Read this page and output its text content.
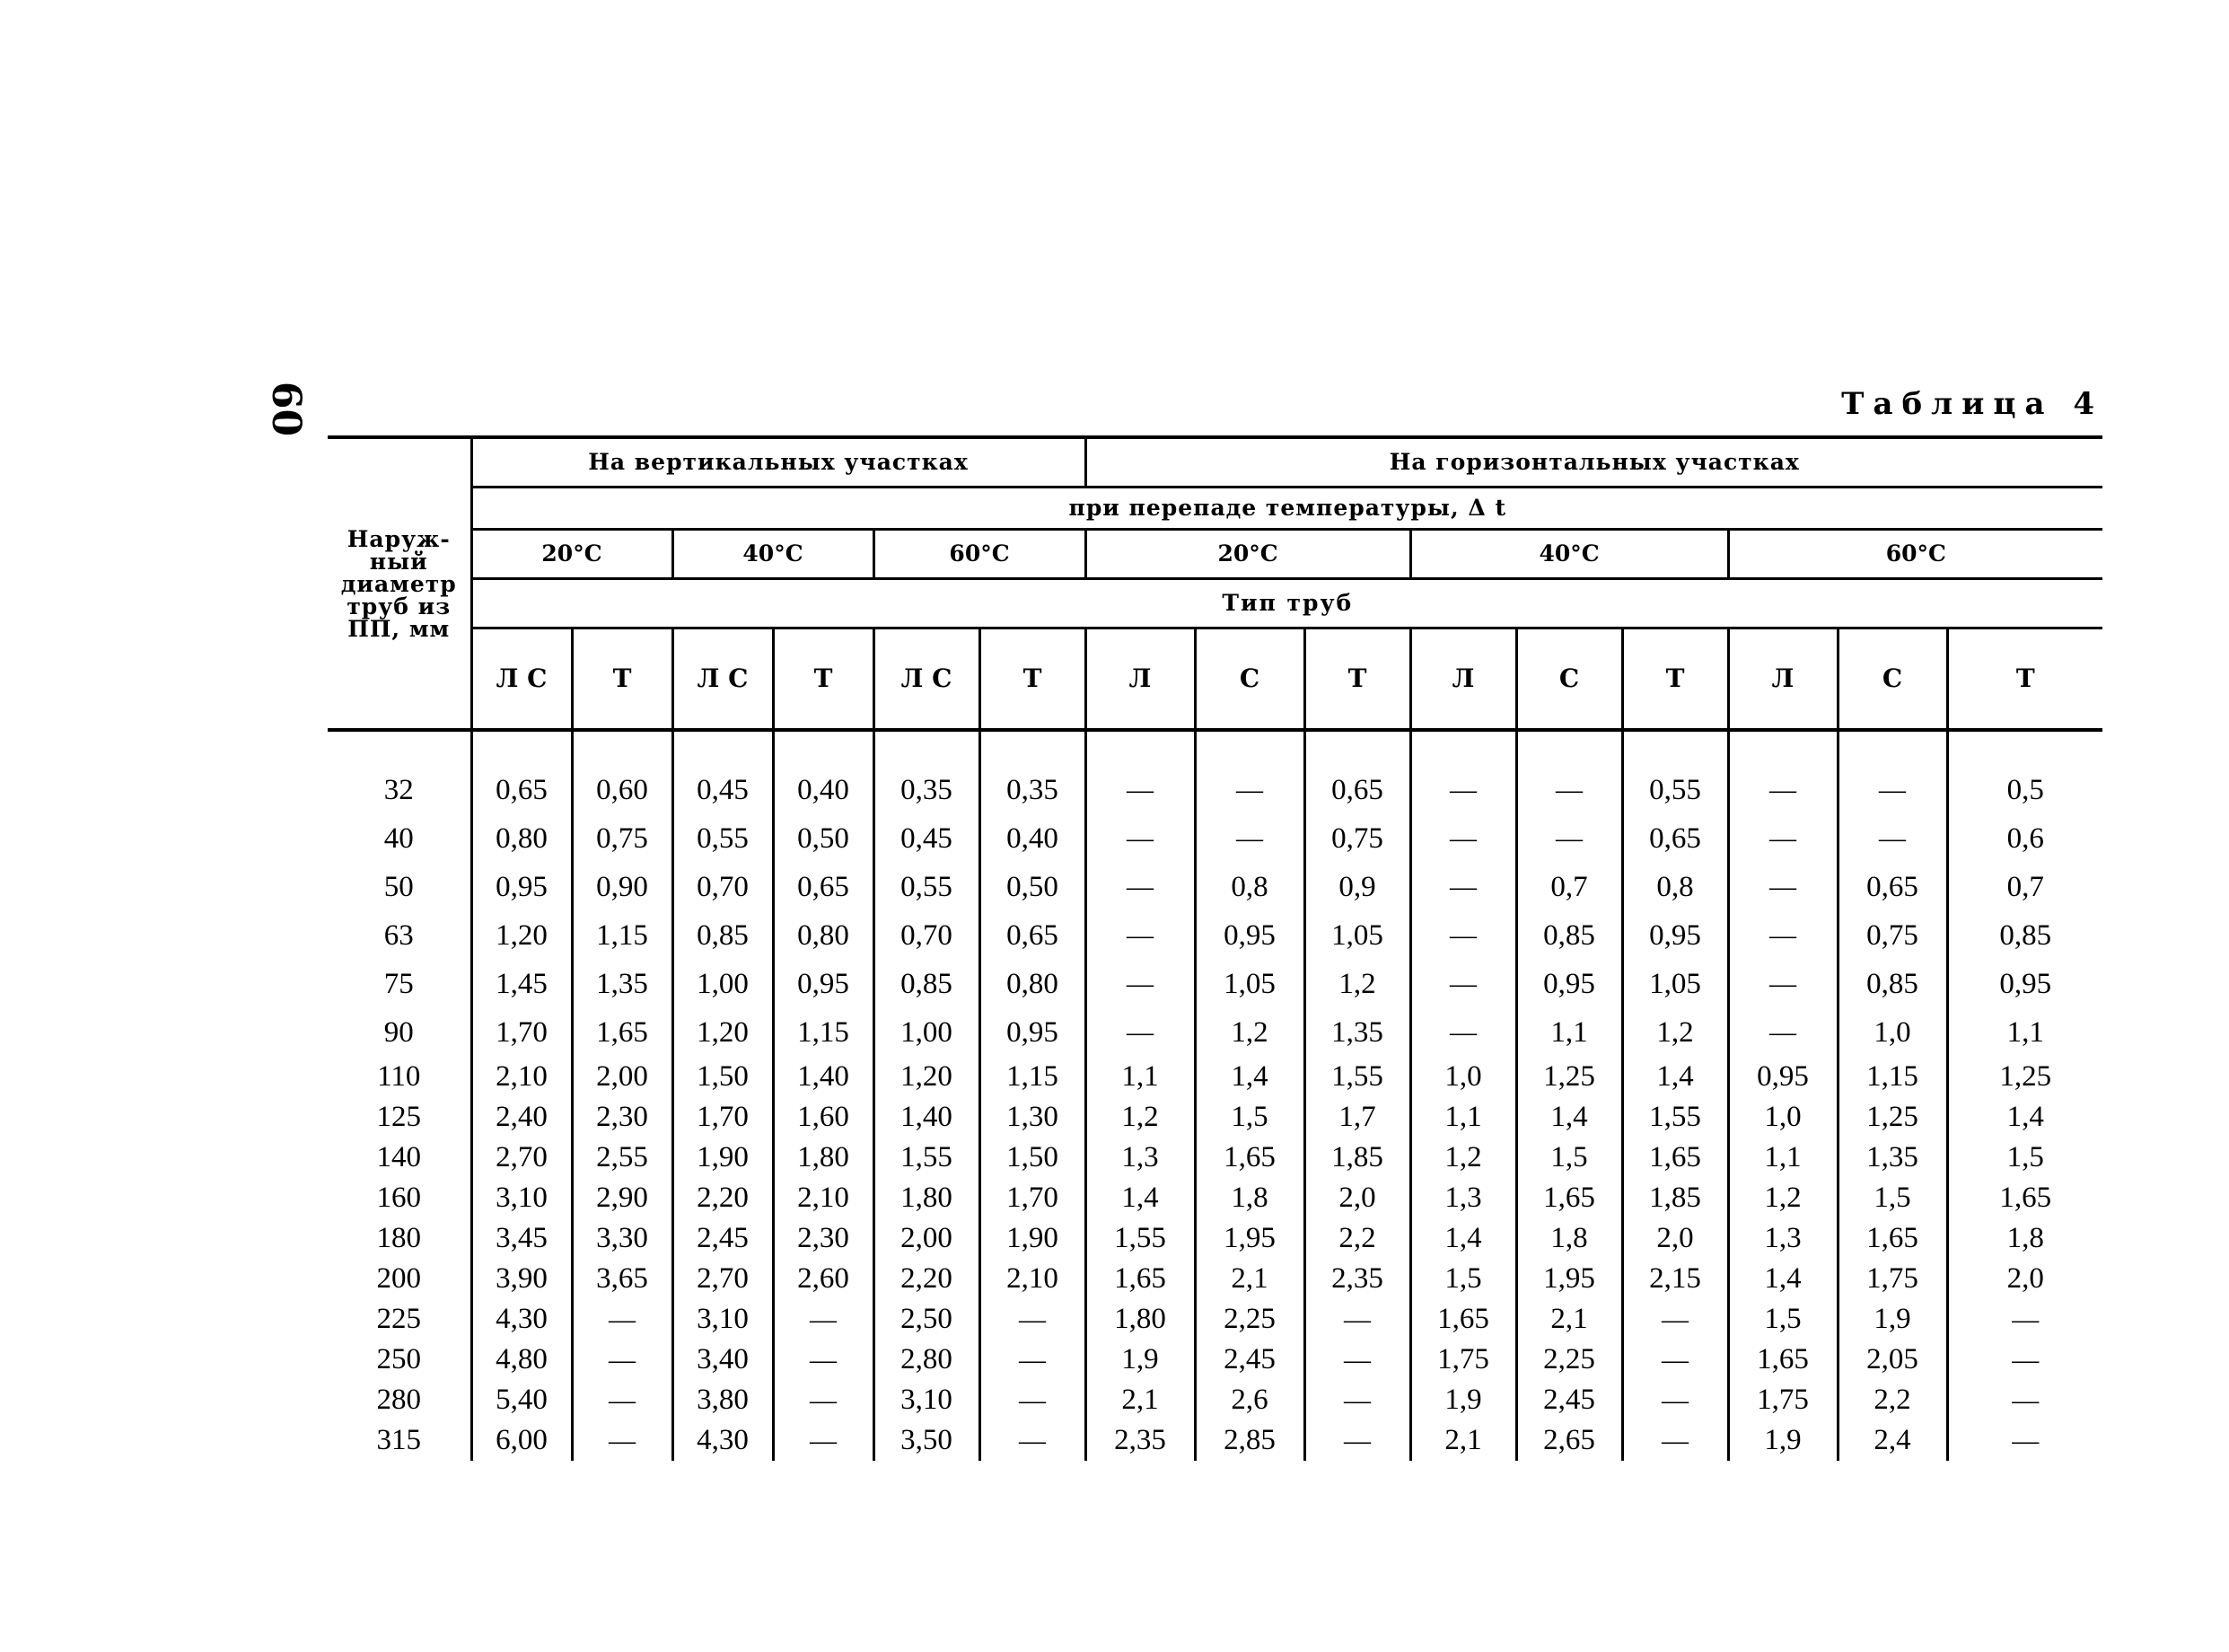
60	Таблица 4
Наруж-ный диаметр труб из ПП, мм	На вертикальных участках						На горизонтальных участках								
	при перепаде температуры, Δ t														
	20°C		40°C		60°C		20°C			40°C			60°C		
	Тип труб														
	Л С	Т	Л С	Т	Л С	Т	Л	С	Т	Л	С	Т	Л	С	Т

32	0,65	0,60	0,45	0,40	0,35	0,35	—	—	0,65	—	—	0,55	—	—	0,5
40	0,80	0,75	0,55	0,50	0,45	0,40	—	—	0,75	—	—	0,65	—	—	0,6
50	0,95	0,90	0,70	0,65	0,55	0,50	—	0,8	0,9	—	0,7	0,8	—	0,65	0,7
63	1,20	1,15	0,85	0,80	0,70	0,65	—	0,95	1,05	—	0,85	0,95	—	0,75	0,85
75	1,45	1,35	1,00	0,95	0,85	0,80	—	1,05	1,2	—	0,95	1,05	—	0,85	0,95
90	1,70	1,65	1,20	1,15	1,00	0,95	—	1,2	1,35	—	1,1	1,2	—	1,0	1,1
110	2,10	2,00	1,50	1,40	1,20	1,15	1,1	1,4	1,55	1,0	1,25	1,4	0,95	1,15	1,25
125	2,40	2,30	1,70	1,60	1,40	1,30	1,2	1,5	1,7	1,1	1,4	1,55	1,0	1,25	1,4
140	2,70	2,55	1,90	1,80	1,55	1,50	1,3	1,65	1,85	1,2	1,5	1,65	1,1	1,35	1,5
160	3,10	2,90	2,20	2,10	1,80	1,70	1,4	1,8	2,0	1,3	1,65	1,85	1,2	1,5	1,65
180	3,45	3,30	2,45	2,30	2,00	1,90	1,55	1,95	2,2	1,4	1,8	2,0	1,3	1,65	1,8
200	3,90	3,65	2,70	2,60	2,20	2,10	1,65	2,1	2,35	1,5	1,95	2,15	1,4	1,75	2,0
225	4,30	—	3,10	—	2,50	—	1,80	2,25	—	1,65	2,1	—	1,5	1,9	—
250	4,80	—	3,40	—	2,80	—	1,9	2,45	—	1,75	2,25	—	1,65	2,05	—
280	5,40	—	3,80	—	3,10	—	2,1	2,6	—	1,9	2,45	—	1,75	2,2	—
315	6,00	—	4,30	—	3,50	—	2,35	2,85	—	2,1	2,65	—	1,9	2,4	—
